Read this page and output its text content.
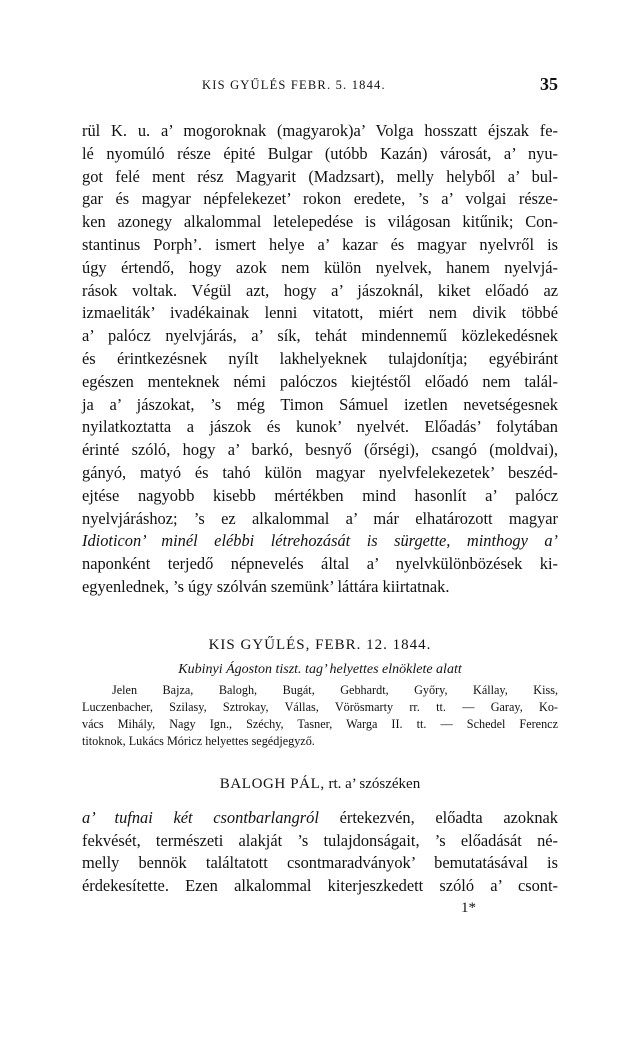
KIS GYŰLÉS FEBR. 5. 1844.	35
rül K. u. a’ mogoroknak (magyarok)a’ Volga hosszatt éjszak fe-
lé nyomúló része épité Bulgar (utóbb Kazán) városát, a’ nyu-
got felé ment rész Magyarit (Madzsart), melly helyből a’ bul-
gar és magyar népfelekezet’ rokon eredete, ’s a’ volgai része-
ken azonegy alkalommal letelepedése is világosan kitűnik; Con-
stantinus Porph’. ismert helye a’ kazar és magyar nyelvről is
úgy értendő, hogy azok nem külön nyelvek, hanem nyelvjá-
rások voltak. Végül azt, hogy a’ jászoknál, kiket előadó az
izmaeliták’ ivadékainak lenni vitatott, miért nem divik többé
a’ palócz nyelvjárás, a’ sík, tehát mindennemű közlekedésnek
és érintkezésnek nyílt lakhelyeknek tulajdonítja; egyébiránt
egészen menteknek némi palóczos kiejtéstől előadó nem talál-
ja a’ jászokat, ’s még Timon Sámuel izetlen nevetségesnek
nyilatkoztatta a jászok és kunok’ nyelvét. Előadás’ folytában
érinté szóló, hogy a’ barkó, besnyő (őrségi), csangó (moldvai),
gányó, matyó és tahó külön magyar nyelvfelekezetek’ beszéd-
ejtése nagyobb kisebb mértékben mind hasonlít a’ palócz
nyelvjáráshoz; ’s ez alkalommal a’ már elhatározott magyar
Idioticon’ minél elébbi létrehozását is sürgette, minthogy a’
naponként terjedő népnevelés által a’ nyelvkülönbözések ki-
egyenlednek, ’s úgy szólván szemünk’ láttára kiirtatnak.
KIS GYŰLÉS, FEBR. 12. 1844.
Kubinyi Ágoston tiszt. tag’ helyettes elnöklete alatt
Jelen Bajza, Balogh, Bugát, Gebhardt, Győry, Kállay, Kiss,
Luczenbacher, Szilasy, Sztrokay, Vállas, Vörösmarty rr. tt. — Garay, Ko-
vács Mihály, Nagy Ign., Széchy, Tasner, Warga II. tt. — Schedel Ferencz
titoknok, Lukács Móricz helyettes segédjegyző.
BALOGH PÁL, rt. a’ szószéken
a’ tufnai két csontbarlangról értekezvén, előadta azoknak
fekvését, természeti alakját ’s tulajdonságait, ’s előadását né-
melly bennök találtatott csontmaradványok’ bemutatásával is
érdekesítette. Ezen alkalommal kiterjeszkedett szóló a’ csont-
1*
